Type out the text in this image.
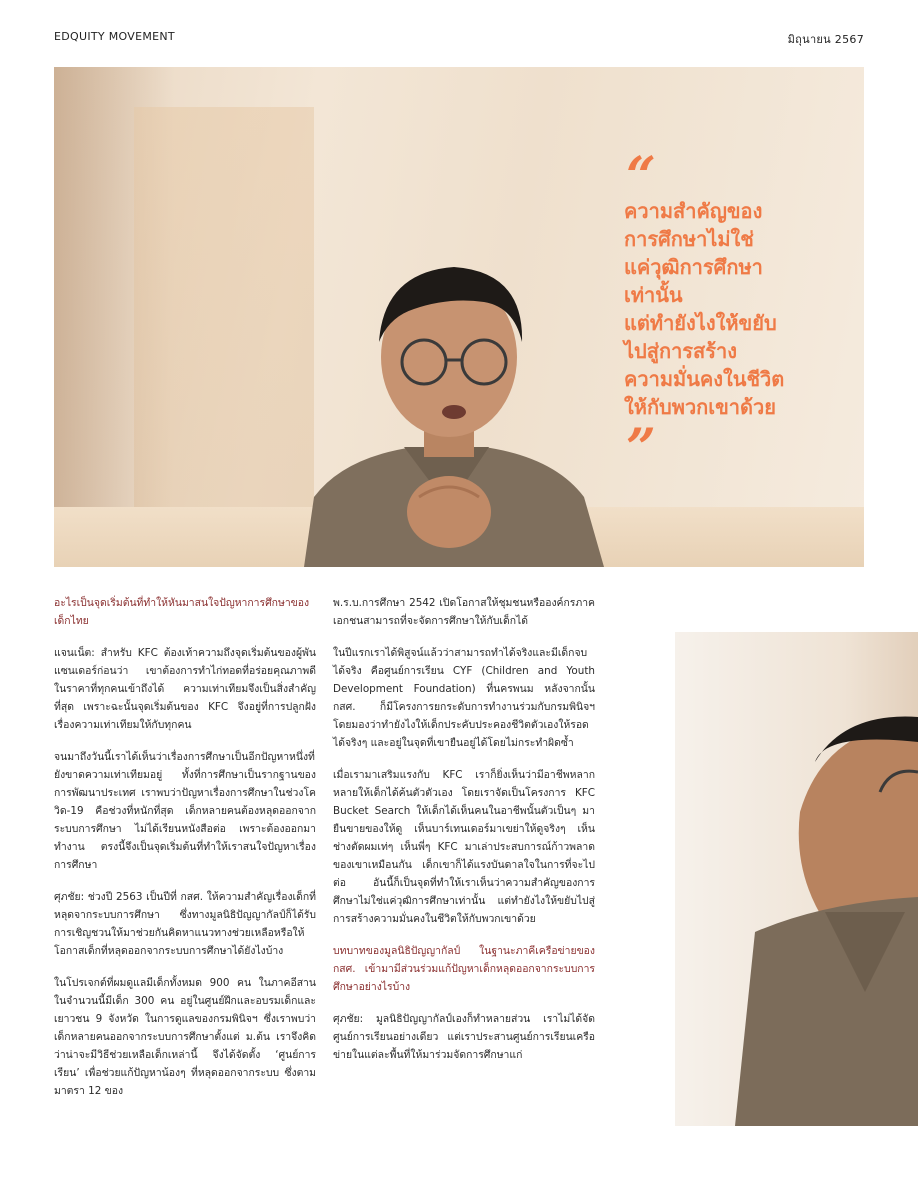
EDQUITY MOVEMENT	มิถุนายน 2567
“
ความสำคัญของ
การศึกษาไม่ใช่
แค่วุฒิการศึกษา
เท่านั้น
แต่ทำยังไงให้ขยับ
ไปสู่การสร้าง
ความมั่นคงในชีวิต
ให้กับพวกเขาด้วย
”

อะไรเป็นจุดเริ่มต้นที่ทำให้หันมาสนใจปัญหาการศึกษาของเด็กไทย

แจนเน็ต: สำหรับ KFC ต้องเท้าความถึงจุดเริ่มต้นของผู้พันแซนเดอร์ก่อนว่า เขาต้องการทำไก่ทอดที่อร่อยคุณภาพดี ในราคาที่ทุกคนเข้าถึงได้ ความเท่าเทียมจึงเป็นสิ่งสำคัญที่สุด เพราะฉะนั้นจุดเริ่มต้นของ KFC จึงอยู่ที่การปลูกฝังเรื่องความเท่าเทียมให้กับทุกคน

จนมาถึงวันนี้เราได้เห็นว่าเรื่องการศึกษาเป็นอีกปัญหาหนึ่งที่ยังขาดความเท่าเทียมอยู่ ทั้งที่การศึกษาเป็นรากฐานของการพัฒนาประเทศ เราพบว่าปัญหาเรื่องการศึกษาในช่วงโควิด-19 คือช่วงที่หนักที่สุด เด็กหลายคนต้องหลุดออกจากระบบการศึกษา ไม่ได้เรียนหนังสือต่อ เพราะต้องออกมาทำงาน ตรงนี้จึงเป็นจุดเริ่มต้นที่ทำให้เราสนใจปัญหาเรื่องการศึกษา

ศุภชัย: ช่วงปี 2563 เป็นปีที่ กสศ. ให้ความสำคัญเรื่องเด็กที่หลุดจากระบบการศึกษา ซึ่งทางมูลนิธิปัญญากัลป์ก็ได้รับการเชิญชวนให้มาช่วยกันคิดหาแนวทางช่วยเหลือหรือให้โอกาสเด็กที่หลุดออกจากระบบการศึกษาได้ยังไงบ้าง

ในโปรเจกต์ที่ผมดูแลมีเด็กทั้งหมด 900 คน ในภาคอีสาน ในจำนวนนี้มีเด็ก 300 คน อยู่ในศูนย์ฝึกและอบรมเด็กและเยาวชน 9 จังหวัด ในการดูแลของกรมพินิจฯ ซึ่งเราพบว่าเด็กหลายคนออกจากระบบการศึกษาตั้งแต่ ม.ต้น เราจึงคิดว่าน่าจะมีวิธีช่วยเหลือเด็กเหล่านี้ จึงได้จัดตั้ง ‘ศูนย์การเรียน’ เพื่อช่วยแก้ปัญหาน้องๆ ที่หลุดออกจากระบบ ซึ่งตามมาตรา 12 ของ

พ.ร.บ.การศึกษา 2542 เปิดโอกาสให้ชุมชนหรือองค์กรภาคเอกชนสามารถที่จะจัดการศึกษาให้กับเด็กได้

ในปีแรกเราได้พิสูจน์แล้วว่าสามารถทำได้จริงและมีเด็กจบได้จริง คือศูนย์การเรียน CYF (Children and Youth Development Foundation) ที่นครพนม หลังจากนั้น กสศ. ก็มีโครงการยกระดับการทำงานร่วมกับกรมพินิจฯ โดยมองว่าทำยังไงให้เด็กประคับประคองชีวิตตัวเองให้รอดได้จริงๆ และอยู่ในจุดที่เขายืนอยู่ได้โดยไม่กระทำผิดซ้ำ

เมื่อเรามาเสริมแรงกับ KFC เราก็ยิ่งเห็นว่ามีอาชีพหลากหลายให้เด็กได้ค้นตัวตัวเอง โดยเราจัดเป็นโครงการ KFC Bucket Search ให้เด็กได้เห็นคนในอาชีพนั้นตัวเป็นๆ มายืนขายของให้ดู เห็นบาร์เทนเดอร์มาเขย่าให้ดูจริงๆ เห็นช่างตัดผมเท่ๆ เห็นพี่ๆ KFC มาเล่าประสบการณ์ก้าวพลาดของเขาเหมือนกัน เด็กเขาก็ได้แรงบันดาลใจในการที่จะไปต่อ อันนี้ก็เป็นจุดที่ทำให้เราเห็นว่าความสำคัญของการศึกษาไม่ใช่แค่วุฒิการศึกษาเท่านั้น แต่ทำยังไงให้ขยับไปสู่การสร้างความมั่นคงในชีวิตให้กับพวกเขาด้วย

บทบาทของมูลนิธิปัญญากัลป์ ในฐานะภาคีเครือข่ายของ กสศ. เข้ามามีส่วนร่วมแก้ปัญหาเด็กหลุดออกจากระบบการศึกษาอย่างไรบ้าง

ศุภชัย: มูลนิธิปัญญากัลป์เองก็ทำหลายส่วน เราไม่ได้จัดศูนย์การเรียนอย่างเดียว แต่เราประสานศูนย์การเรียนเครือข่ายในแต่ละพื้นที่ให้มาร่วมจัดการศึกษาแก่
